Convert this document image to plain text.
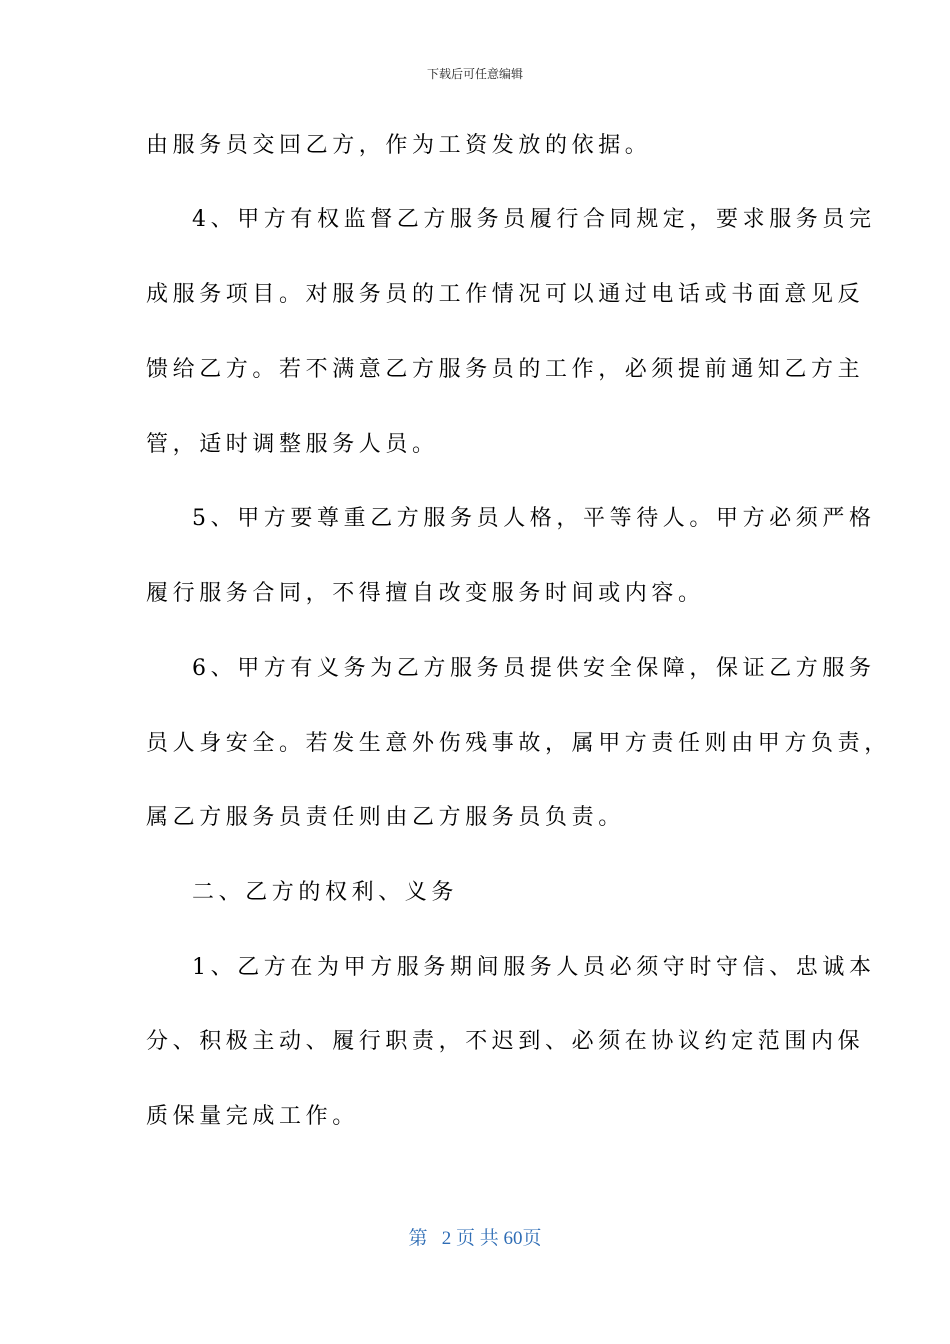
下载后可任意编辑
由服务员交回乙方，作为工资发放的依据。
4、甲方有权监督乙方服务员履行合同规定，要求服务员完
成服务项目。对服务员的工作情况可以通过电话或书面意见反
馈给乙方。若不满意乙方服务员的工作，必须提前通知乙方主
管，适时调整服务人员。
5、甲方要尊重乙方服务员人格，平等待人。甲方必须严格
履行服务合同，不得擅自改变服务时间或内容。
6、甲方有义务为乙方服务员提供安全保障，保证乙方服务
员人身安全。若发生意外伤残事故，属甲方责任则由甲方负责，
属乙方服务员责任则由乙方服务员负责。
二、乙方的权利、义务
1、乙方在为甲方服务期间服务人员必须守时守信、忠诚本
分、积极主动、履行职责，不迟到、必须在协议约定范围内保
质保量完成工作。
第 2 页 共 60页
